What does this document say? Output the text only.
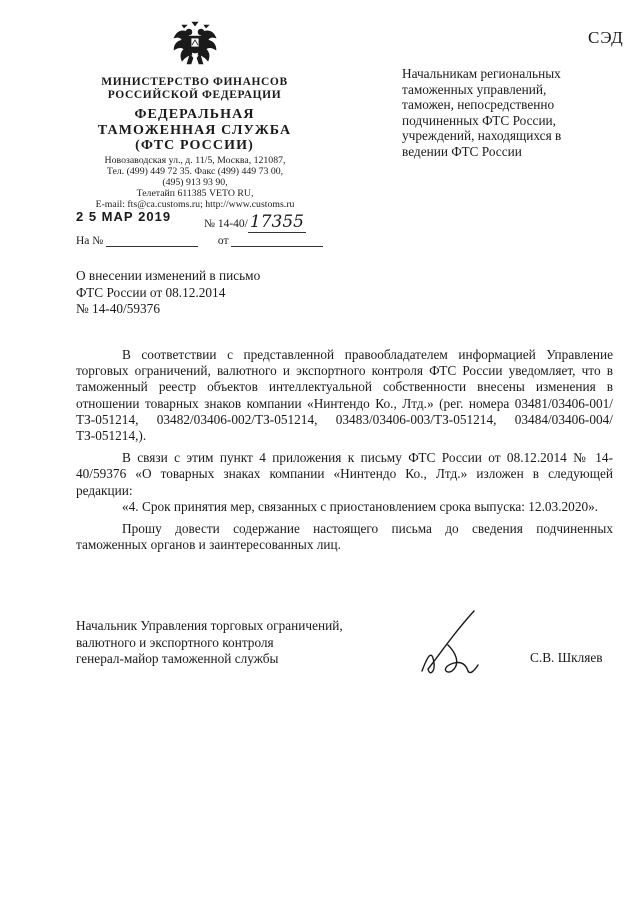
СЭД
МИНИСТЕРСТВО ФИНАНСОВ
РОССИЙСКОЙ ФЕДЕРАЦИИ
ФЕДЕРАЛЬНАЯ
ТАМОЖЕННАЯ СЛУЖБА
(ФТС РОССИИ)
Новозаводская ул., д. 11/5, Москва, 121087,
Тел. (499) 449 72 35. Факс (499) 449 73 00,
(495) 913 93 90,
Телетайп 611385 VETO RU,
E-mail: fts@ca.customs.ru; http://www.customs.ru
2 5 МАР 2019	№ 14-40/ 17355
На №	от
Начальникам региональных
таможенных управлений,
таможен, непосредственно
подчиненных ФТС России,
учреждений, находящихся в
ведении ФТС России
О внесении изменений в письмо
ФТС России от 08.12.2014
№ 14-40/59376

В соответствии с представленной правообладателем информацией Управление торговых ограничений, валютного и экспортного контроля ФТС России уведомляет, что в таможенный реестр объектов интеллектуальной собственности внесены изменения в отношении товарных знаков компании «Нинтендо Ко., Лтд.» (рег. номера 03481/03406-001/ТЗ-051214, 03482/03406-002/ТЗ-051214, 03483/03406-003/ТЗ-051214, 03484/03406-004/ТЗ-051214,).

В связи с этим пункт 4 приложения к письму ФТС России от 08.12.2014 № 14-40/59376 «О товарных знаках компании «Нинтендо Ко., Лтд.» изложен в следующей редакции:

«4. Срок принятия мер, связанных с приостановлением срока выпуска: 12.03.2020».

Прошу довести содержание настоящего письма до сведения подчиненных таможенных органов и заинтересованных лиц.

Начальник Управления торговых ограничений,
валютного и экспортного контроля
генерал-майор таможенной службы	С.В. Шкляев
